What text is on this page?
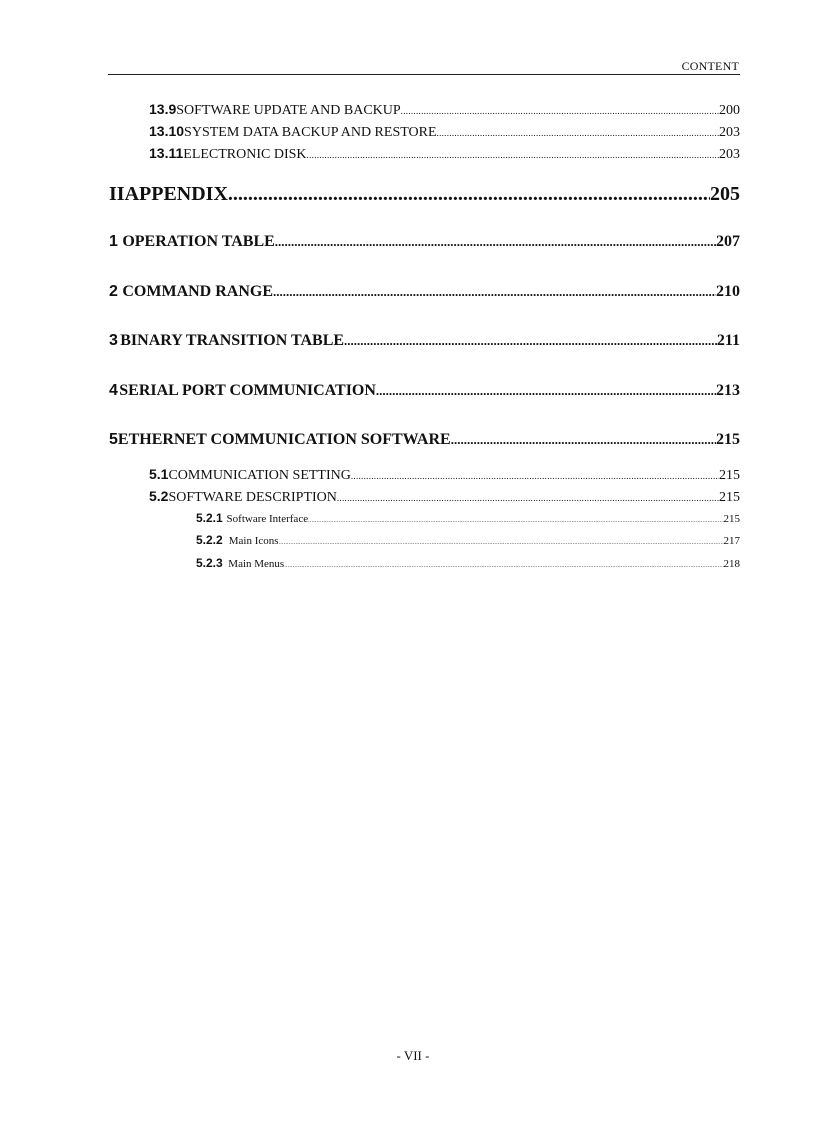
CONTENT
13.9 SOFTWARE UPDATE AND BACKUP .....	200
13.10 SYSTEM DATA BACKUP AND RESTORE .....	203
13.11 ELECTRONIC DISK .....	203
II APPENDIX .....	205
1 OPERATION TABLE .....	207
2 COMMAND RANGE .....	210
3 BINARY TRANSITION TABLE .....	211
4 SERIAL PORT COMMUNICATION .....	213
5 ETHERNET COMMUNICATION SOFTWARE .....	215
5.1 COMMUNICATION SETTING .....	215
5.2 SOFTWARE DESCRIPTION .....	215
5.2.1 Software Interface .....	215
5.2.2 Main Icons .....	217
5.2.3 Main Menus .....	218
- VII -
